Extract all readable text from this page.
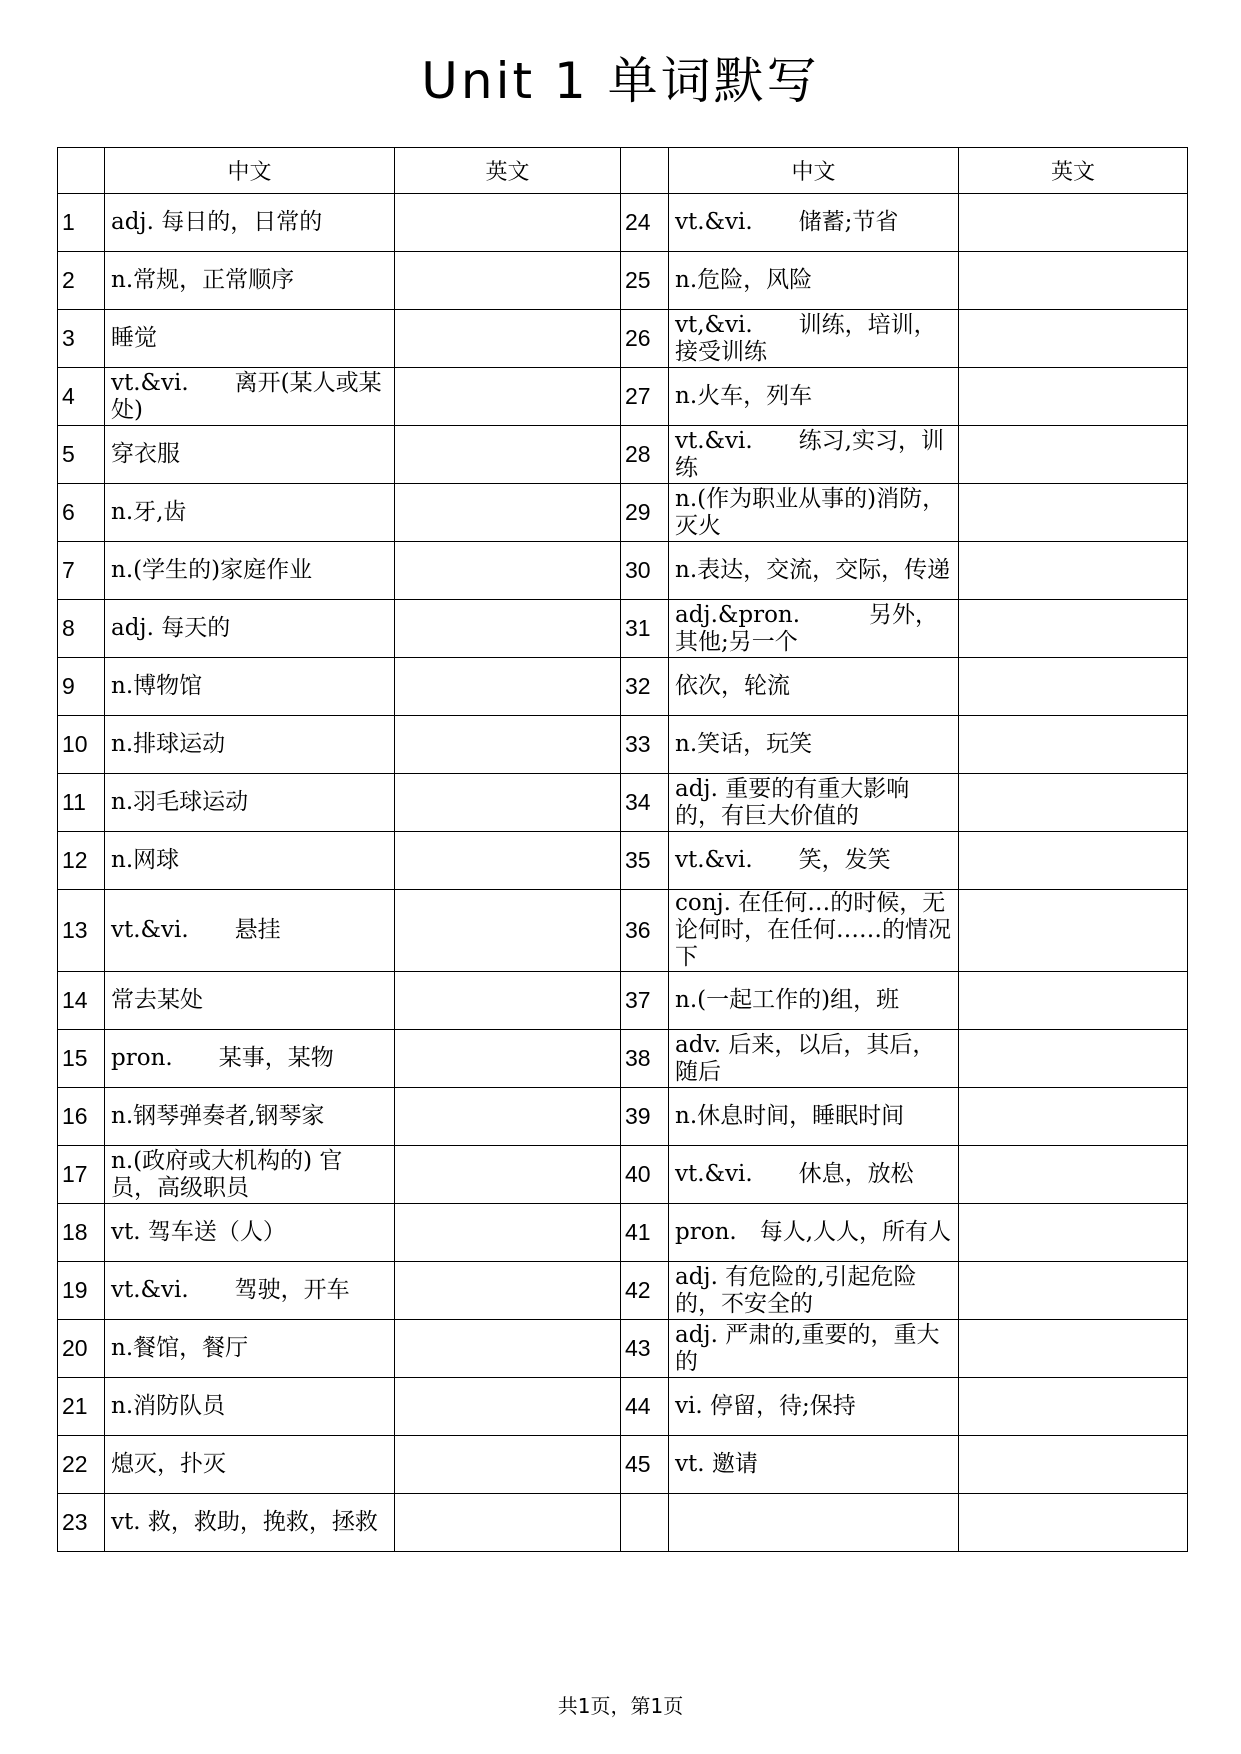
Unit 1 单词默写
	中文	英文		中文	英文
1	adj. 每日的，日常的		24	vt.&vi.　　储蓄;节省	
2	n.常规，正常顺序		25	n.危险，风险	
3	睡觉		26	vt,&vi.　　训练，培训，接受训练	
4	vt.&vi.　　离开(某人或某处)		27	n.火车，列车	
5	穿衣服		28	vt.&vi.　　练习,实习，训练	
6	n.牙,齿		29	n.(作为职业从事的)消防，灭火	
7	n.(学生的)家庭作业		30	n.表达，交流，交际，传递	
8	adj. 每天的		31	adj.&pron.　　　另外，其他;另一个	
9	n.博物馆		32	依次，轮流	
10	n.排球运动		33	n.笑话，玩笑	
11	n.羽毛球运动		34	adj. 重要的有重大影响的，有巨大价值的	
12	n.网球		35	vt.&vi.　　笑，发笑	
13	vt.&vi.　　悬挂		36	conj. 在任何…的时候，无论何时，在任何……的情况下	
14	常去某处		37	n.(一起工作的)组，班	
15	pron.　　某事，某物		38	adv. 后来，以后，其后，随后	
16	n.钢琴弹奏者,钢琴家		39	n.休息时间，睡眠时间	
17	n.(政府或大机构的) 官员，高级职员		40	vt.&vi.　　休息，放松	
18	vt. 驾车送（人）		41	pron.　每人,人人，所有人	
19	vt.&vi.　　驾驶，开车		42	adj. 有危险的,引起危险的，不安全的	
20	n.餐馆，餐厅		43	adj. 严肃的,重要的，重大的	
21	n.消防队员		44	vi. 停留，待;保持	
22	熄灭，扑灭		45	vt. 邀请	
23	vt. 救，救助，挽救，拯救				
共1页，第1页
